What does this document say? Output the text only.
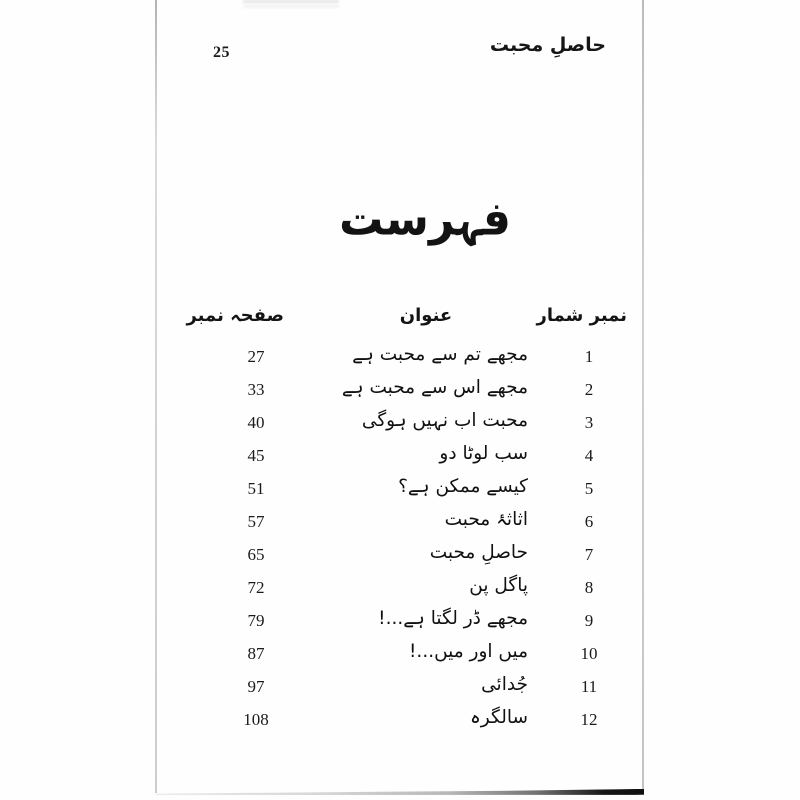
حاصلِ محبت
25
فہرست
نمبر شمار
عنوان
صفحہ نمبر
1
مجھے تم سے محبت ہے
27
2
مجھے اس سے محبت ہے
33
3
محبت اب نہیں ہوگی
40
4
سب لوٹا دو
45
5
کیسے ممکن ہے؟
51
6
اثاثۂ محبت
57
7
حاصلِ محبت
65
8
پاگل پن
72
9
مجھے ڈر لگتا ہے...!
79
10
میں اور میں...!
87
11
جُدائی
97
12
سالگرہ
108
